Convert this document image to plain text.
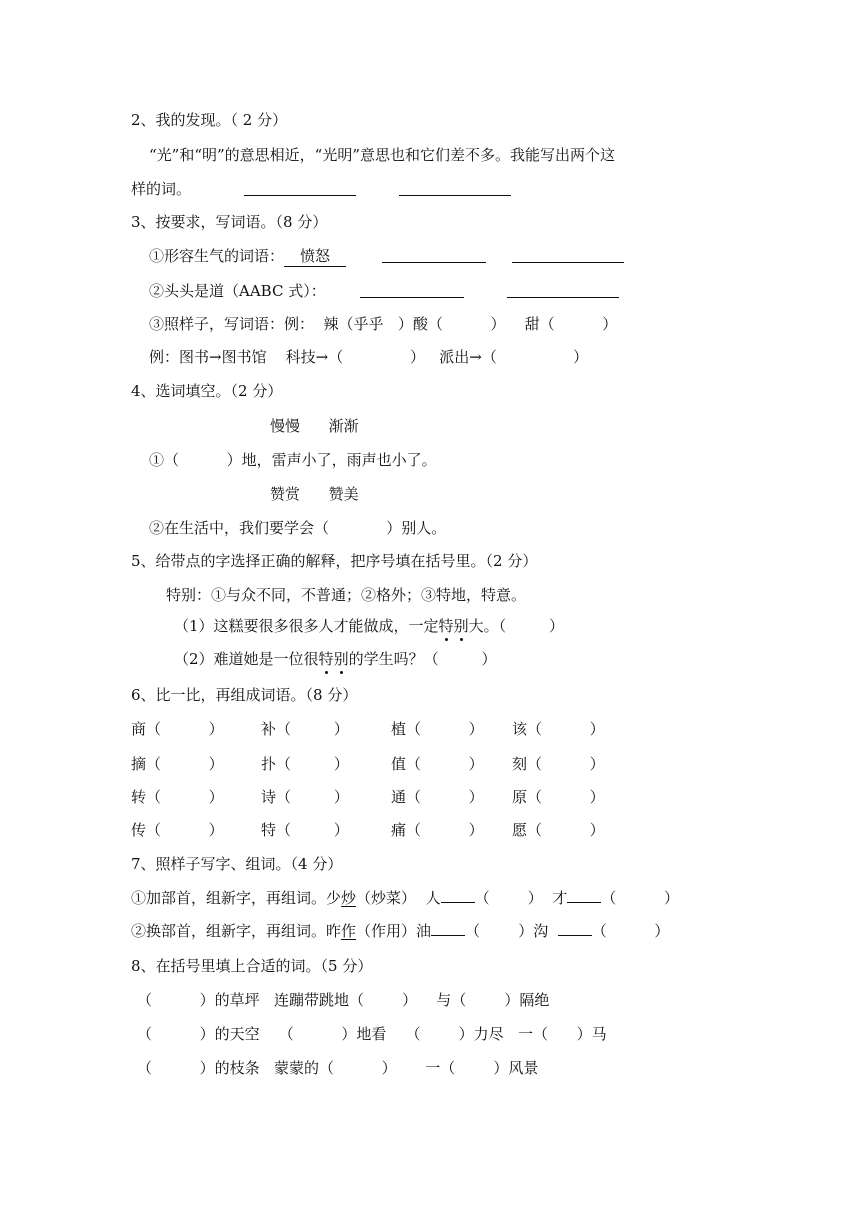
2、我的发现。（ 2 分）
“光”和“明”的意思相近，“光明”意思也和它们差不多。我能写出两个这
样的词。
3、按要求，写词语。（8 分）
①形容生气的词语： 愤怒
②头头是道（AABC 式）：
③照样子，写词语：例：  辣（乎乎   ）酸（          ）    甜（          ）
例：图书→图书馆    科技→（              ）   派出→（                ）
4、选词填空。（2 分）
慢慢      渐渐
①（          ）地，雷声小了，雨声也小了。
赞赏      赞美
②在生活中，我们要学会（            ）别人。
5、给带点的字选择正确的解释，把序号填在括号里。（2 分）
特别：①与众不同，不普通；②格外；③特地，特意。
（1）这糕要很多很多人才能做成，一定特别大。（         ）
（2）难道她是一位很特别的学生吗？（         ）
6、比一比，再组成词语。（8 分）
商（          ） 补（         ）	植（          ） 该（          ）
摘（          ） 扑（         ）	值（          ） 刻（          ）
转（          ） 诗（         ）	通（          ） 原（          ）
传（          ） 特（         ）	痛（          ） 愿（          ）
7、照样子写字、组词。（4 分）
①加部首，组新字，再组词。少炒（炒菜）  人 （        ）  才 （          ）
②换部首，组新字，再组词。昨作（作用）油 （        ）沟  （          ）
8、在括号里填上合适的词。（5 分）
（          ）的草坪   连蹦带跳地（        ）    与（        ）隔绝
（          ）的天空    （          ）地看    （        ）力尽   一（      ）马
（          ）的枝条   蒙蒙的（          ）      一（        ）风景
